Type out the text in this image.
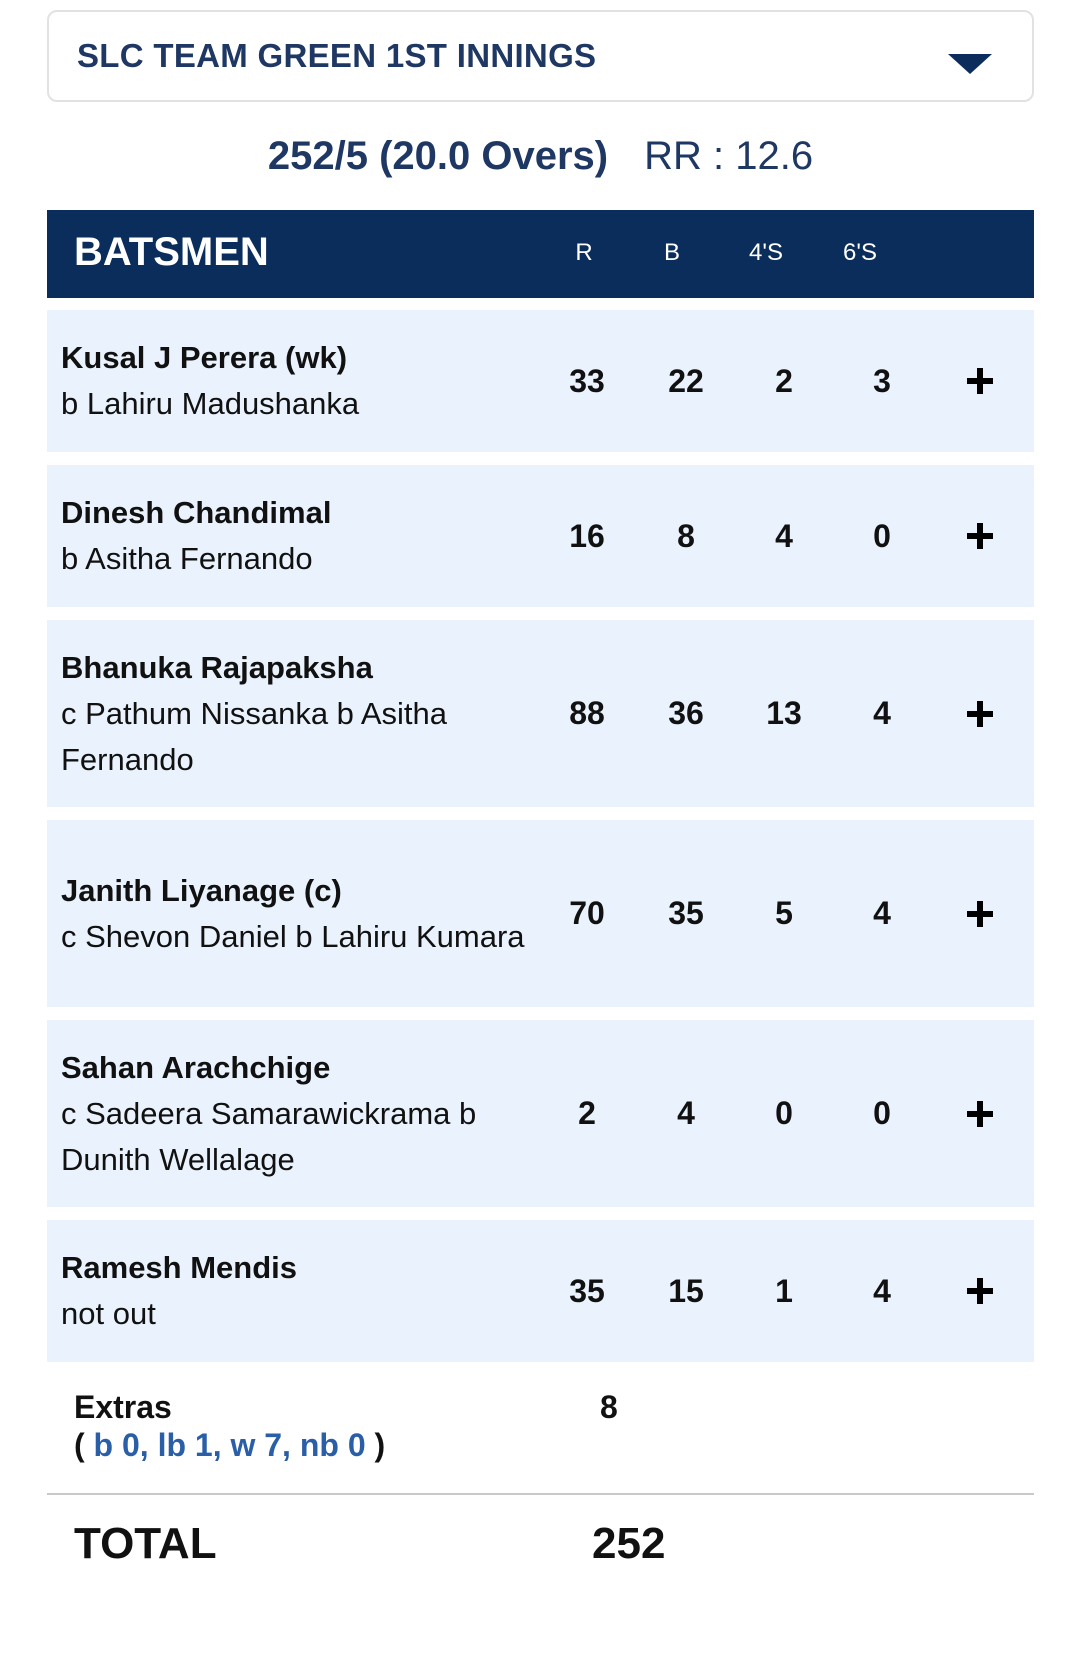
SLC TEAM GREEN 1ST INNINGS
252/5 (20.0 Overs) RR : 12.6
BATSMEN	R	B	4'S	6'S
Kusal J Perera (wk)
b Lahiru Madushanka
33	22	2	3
Dinesh Chandimal
b Asitha Fernando
16	8	4	0
Bhanuka Rajapaksha
c Pathum Nissanka b Asitha Fernando
88	36	13	4
Janith Liyanage (c)
c Shevon Daniel b Lahiru Kumara
70	35	5	4
Sahan Arachchige
c Sadeera Samarawickrama b Dunith Wellalage
2	4	0	0
Ramesh Mendis
not out
35	15	1	4
Extras
( b 0, lb 1, w 7, nb 0 )
8
TOTAL	252
